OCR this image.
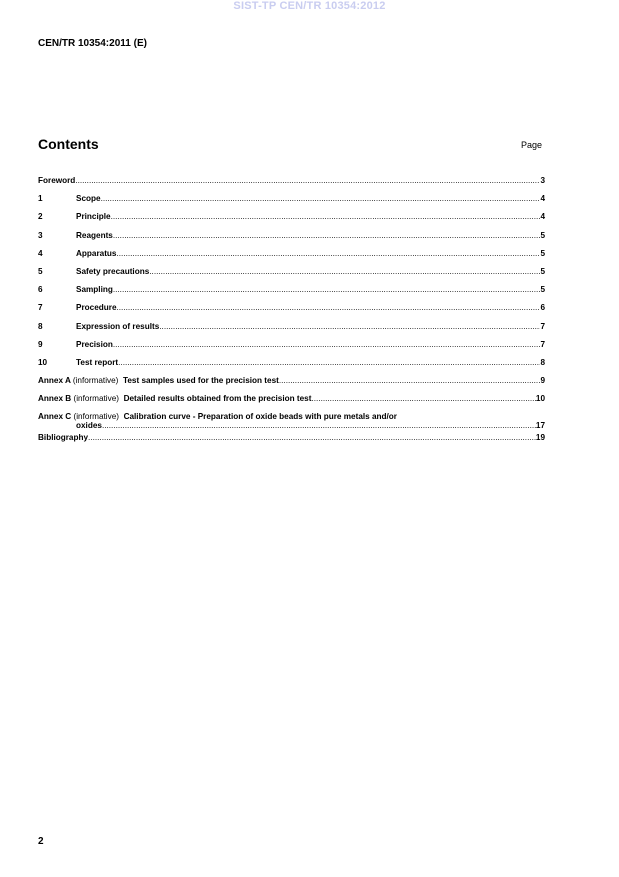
SIST-TP CEN/TR 10354:2012
CEN/TR 10354:2011 (E)
Contents	Page
Foreword .....	3
1	Scope .....	4
2	Principle .....	4
3	Reagents .....	5
4	Apparatus .....	5
5	Safety precautions .....	5
6	Sampling .....	5
7	Procedure .....	6
8	Expression of results .....	7
9	Precision .....	7
10	Test report .....	8
Annex A (informative) Test samples used for the precision test .....	9
Annex B (informative) Detailed results obtained from the precision test .....	10
Annex C (informative) Calibration curve - Preparation of oxide beads with pure metals and/or
oxides .....	17
Bibliography .....	19
2
